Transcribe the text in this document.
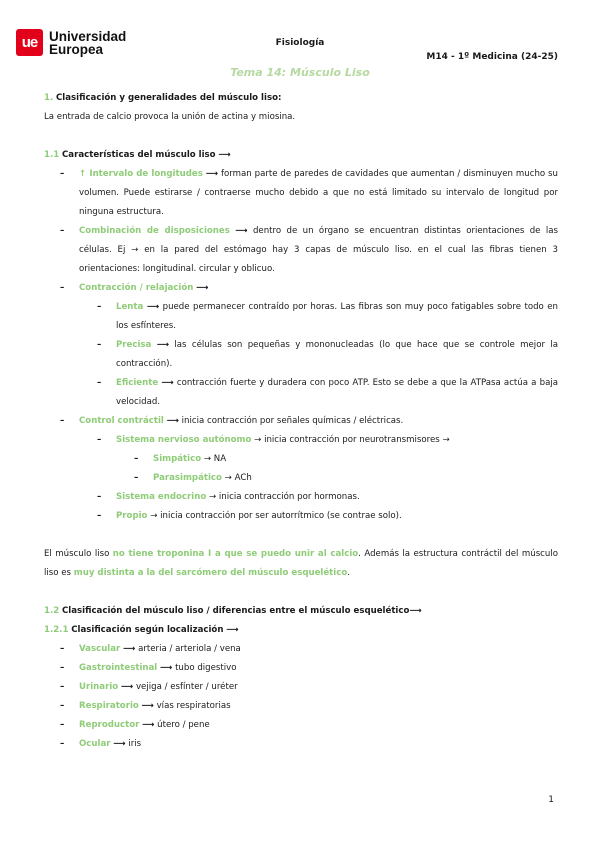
ue Universidad
Europea	Fisiología
M14 - 1º Medicina (24-25)
Tema 14: Músculo Liso

1. Clasificación y generalidades del músculo liso:

La entrada de calcio provoca la unión de actina y miosina.

1.1 Características del músculo liso ⟶

– ↑ Intervalo de longitudes ⟶ forman parte de paredes de cavidades que aumentan / disminuyen mucho su volumen. Puede estirarse / contraerse mucho debido a que no está limitado su intervalo de longitud por ninguna estructura.
– Combinación de disposiciones ⟶ dentro de un órgano se encuentran distintas orientaciones de las células. Ej → en la pared del estómago hay 3 capas de músculo liso. en el cual las fibras tienen 3 orientaciones: longitudinal. circular y oblicuo.
– Contracción / relajación ⟶
– Lenta ⟶ puede permanecer contraído por horas. Las fibras son muy poco fatigables sobre todo en los esfínteres.
– Precisa ⟶ las células son pequeñas y mononucleadas (lo que hace que se controle mejor la contracción).
– Eficiente ⟶ contracción fuerte y duradera con poco ATP. Esto se debe a que la ATPasa actúa a baja velocidad.
– Control contráctil ⟶ inicia contracción por señales químicas / eléctricas.
– Sistema nervioso autónomo → inicia contracción por neurotransmisores →
– Simpático → NA
– Parasimpático → ACh
– Sistema endocrino → inicia contracción por hormonas.
– Propio → inicia contracción por ser autorrítmico (se contrae solo).

El músculo liso no tiene troponina I a que se puedo unir al calcio. Además la estructura contráctil del músculo liso es muy distinta a la del sarcómero del músculo esquelético.

1.2 Clasificación del músculo liso / diferencias entre el músculo esquelético⟶

1.2.1 Clasificación según localización ⟶

– Vascular ⟶ arteria / arteriola / vena
– Gastrointestinal ⟶ tubo digestivo
– Urinario ⟶ vejiga / esfínter / uréter
– Respiratorio ⟶ vías respiratorias
– Reproductor ⟶ útero / pene
– Ocular ⟶ iris
1
